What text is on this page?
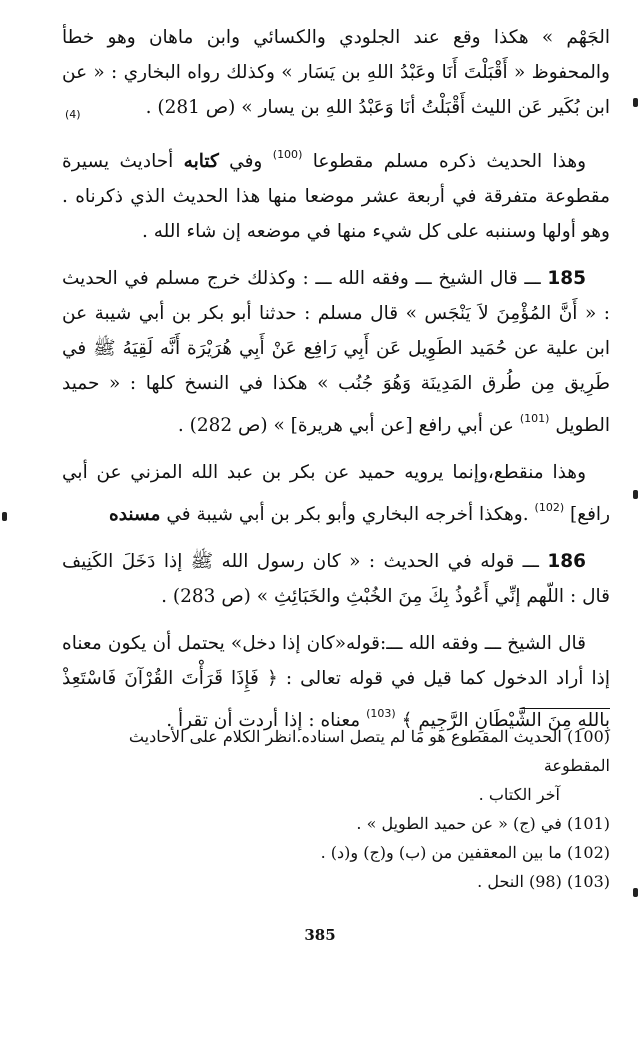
(4)

الجَهْم » هكذا وقع عند الجلودي والكسائي وابن ماهان وهو خطأ والمحفوظ « أَقْبَلْتَ أَنَا وعَبْدُ اللهِ بن يَسَار » وكذلك رواه البخاري : « عن ابن بُكَير عَن الليث أَقْبَلْتُ أنَا وَعَبْدُ اللهِ بن يسار » (ص 281) .

وهذا الحديث ذكره مسلم مقطوعا $^{(100)}$ وفي كتابه أحاديث يسيرة مقطوعة متفرقة في أربعة عشر موضعا منها هذا الحديث الذي ذكرناه . وهو أولها وسننبه على كل شيء منها في موضعه إن شاء الله .

185 ـــ قال الشيخ ـــ وفقه الله ـــ : وكذلك خرج مسلم في الحديث : « أَنَّ المُؤْمِنَ لاَ يَنْجَس » قال مسلم : حدثنا أبو بكر بن أبي شيبة عن ابن علية عن حُمَيد الطَوِيل عَن أَبِي رَافِع عَنْ أَبِي هُرَيْرَة أَنَّه لَقِيَهُ ﷺ في طَرِيق مِن طُرق المَدِينَة وَهُوَ جُنُب » هكذا في النسخ كلها : « حميد الطويل $^{(101)}$ عن أبي رافع [عن أبي هريرة] » (ص 282) .

وهذا منقطع،وإنما يرويه حميد عن بكر بن عبد الله المزني عن أبي رافع] $^{(102)}$ .وهكذا أخرجه البخاري وأبو بكر بن أبي شيبة في مسنده

186 ـــ قوله في الحديث : « كان رسول الله ﷺ إذا دَخَلَ الكَنِيف قال : اللّهم إنِّي أَعُوذُ بِكَ مِنَ الخُبْثِ والخَبَائِثِ » (ص 283) .

قال الشيخ ـــ وفقه الله ـــ:قوله«كان إذا دخل» يحتمل أن يكون معناه إذا أراد الدخول كما قيل في قوله تعالى : ﴿ فَإِذَا قَرَأْتَ القُرْآنَ فَاسْتَعِذْ بِاللهِ مِنَ الشَّيْطَانِ الرَّجِيمِ ﴾ $^{(103)}$ معناه : إذا أردت أن تقرأ .

(100) الحديث المقطوع هو ما لم يتصل اسناده.انظر الكلام على الأحاديث المقطوعة
آخر الكتاب .

(101) في (ج) « عن حميد الطويل » .

(102) ما بين المعقفين من (ب) و(ج) و(د) .

(103) (98) النحل .

385
